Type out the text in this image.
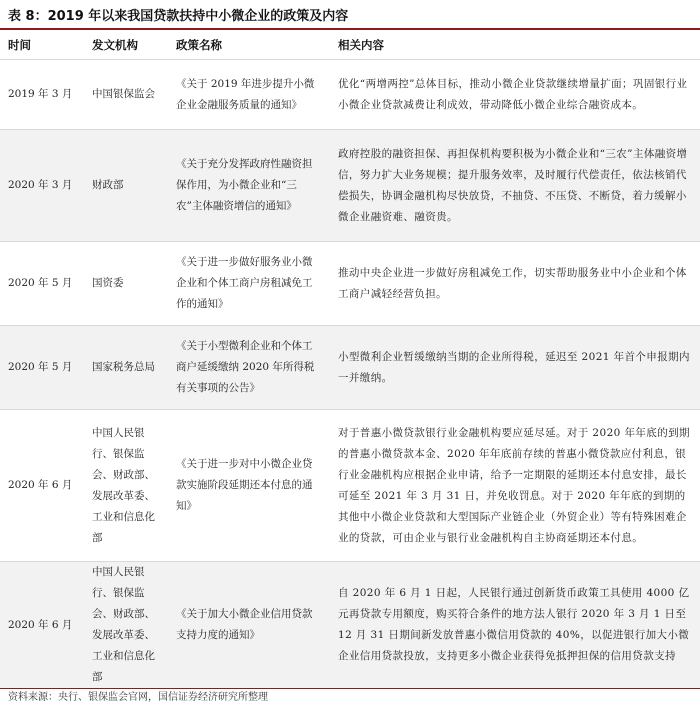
表 8：2019 年以来我国贷款扶持中小微企业的政策及内容
时间	发文机构	政策名称	相关内容
2019 年 3 月	中国银保监会	《关于 2019 年进步提升小微企业金融服务质量的通知》	优化“两增两控”总体目标，推动小微企业贷款继续增量扩面；巩固银行业小微企业贷款减费让利成效，带动降低小微企业综合融资成本。
2020 年 3 月	财政部	《关于充分发挥政府性融资担保作用，为小微企业和“三农”主体融资增信的通知》	政府控股的融资担保、再担保机构要积极为小微企业和“三农”主体融资增信，努力扩大业务规模；提升服务效率，及时履行代偿责任，依法核销代偿损失，协调金融机构尽快放贷，不抽贷、不压贷、不断贷，着力缓解小微企业融资难、融资贵。
2020 年 5 月	国资委	《关于进一步做好服务业小微企业和个体工商户房租减免工作的通知》	推动中央企业进一步做好房租减免工作，切实帮助服务业中小企业和个体工商户减轻经营负担。
2020 年 5 月	国家税务总局	《关于小型微利企业和个体工商户延缓缴纳 2020 年所得税有关事项的公告》	小型微利企业暂缓缴纳当期的企业所得税，延迟至 2021 年首个申报期内一并缴纳。
2020 年 6 月	中国人民银行、银保监会、财政部、发展改革委、工业和信息化部	《关于进一步对中小微企业贷款实施阶段延期还本付息的通知》	对于普惠小微贷款银行业金融机构要应延尽延。对于 2020 年年底的到期的普惠小微贷款本金、2020 年年底前存续的普惠小微贷款应付利息，银行业金融机构应根据企业申请，给予一定期限的延期还本付息安排，最长可延至 2021 年 3 月 31 日，并免收罚息。对于 2020 年年底的到期的其他中小微企业贷款和大型国际产业链企业（外贸企业）等有特殊困难企业的贷款，可由企业与银行业金融机构自主协商延期还本付息。
2020 年 6 月	中国人民银行、银保监会、财政部、发展改革委、工业和信息化部	《关于加大小微企业信用贷款支持力度的通知》	自 2020 年 6 月 1 日起，人民银行通过创新货币政策工具使用 4000 亿元再贷款专用额度，购买符合条件的地方法人银行 2020 年 3 月 1 日至 12 月 31 日期间新发放普惠小微信用贷款的 40%，以促进银行加大小微企业信用贷款投放，支持更多小微企业获得免抵押担保的信用贷款支持
资料来源：央行、银保监会官网，国信证券经济研究所整理
